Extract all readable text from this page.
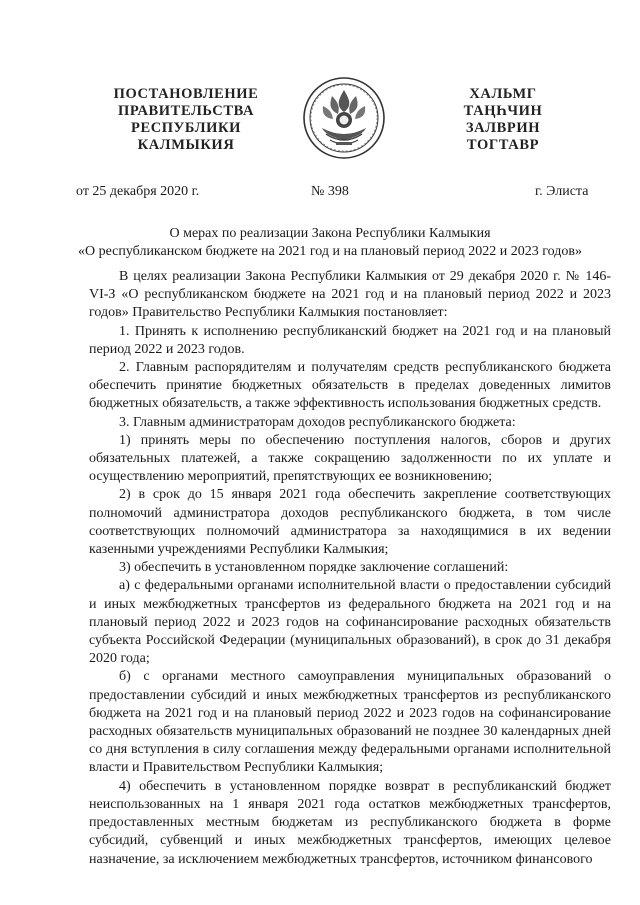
ПОСТАНОВЛЕНИЕ
ПРАВИТЕЛЬСТВА
РЕСПУБЛИКИ
КАЛМЫКИЯ
ХАЛЬМГ
ТАҢҺЧИН
ЗАЛВРИН
ТОГТАВР
от 25 декабря 2020 г.	№ 398	г. Элиста
О мерах по реализации Закона Республики Калмыкия
«О республиканском бюджете на 2021 год и на плановый период 2022 и 2023 годов»

В целях реализации Закона Республики Калмыкия от 29 декабря 2020 г. № 146-VI-З «О республиканском бюджете на 2021 год и на плановый период 2022 и 2023 годов» Правительство Республики Калмыкия постановляет:

1. Принять к исполнению республиканский бюджет на 2021 год и на плановый период 2022 и 2023 годов.

2. Главным распорядителям и получателям средств республиканского бюджета обеспечить принятие бюджетных обязательств в пределах доведенных лимитов бюджетных обязательств, а также эффективность использования бюджетных средств.

3. Главным администраторам доходов республиканского бюджета:

1) принять меры по обеспечению поступления налогов, сборов и других обязательных платежей, а также сокращению задолженности по их уплате и осуществлению мероприятий, препятствующих ее возникновению;

2) в срок до 15 января 2021 года обеспечить закрепление соответствующих полномочий администратора доходов республиканского бюджета, в том числе соответствующих полномочий администратора за находящимися в их ведении казенными учреждениями Республики Калмыкия;

3) обеспечить в установленном порядке заключение соглашений:

а) с федеральными органами исполнительной власти о предоставлении субсидий и иных межбюджетных трансфертов из федерального бюджета на 2021 год и на плановый период 2022 и 2023 годов на софинансирование расходных обязательств субъекта Российской Федерации (муниципальных образований), в срок до 31 декабря 2020 года;

б) с органами местного самоуправления муниципальных образований о предоставлении субсидий и иных межбюджетных трансфертов из республиканского бюджета на 2021 год и на плановый период 2022 и 2023 годов на софинансирование расходных обязательств муниципальных образований не позднее 30 календарных дней со дня вступления в силу соглашения между федеральными органами исполнительной власти и Правительством Республики Калмыкия;

4) обеспечить в установленном порядке возврат в республиканский бюджет неиспользованных на 1 января 2021 года остатков межбюджетных трансфертов, предоставленных местным бюджетам из республиканского бюджета в форме субсидий, субвенций и иных межбюджетных трансфертов, имеющих целевое назначение, за исключением межбюджетных трансфертов, источником финансового
